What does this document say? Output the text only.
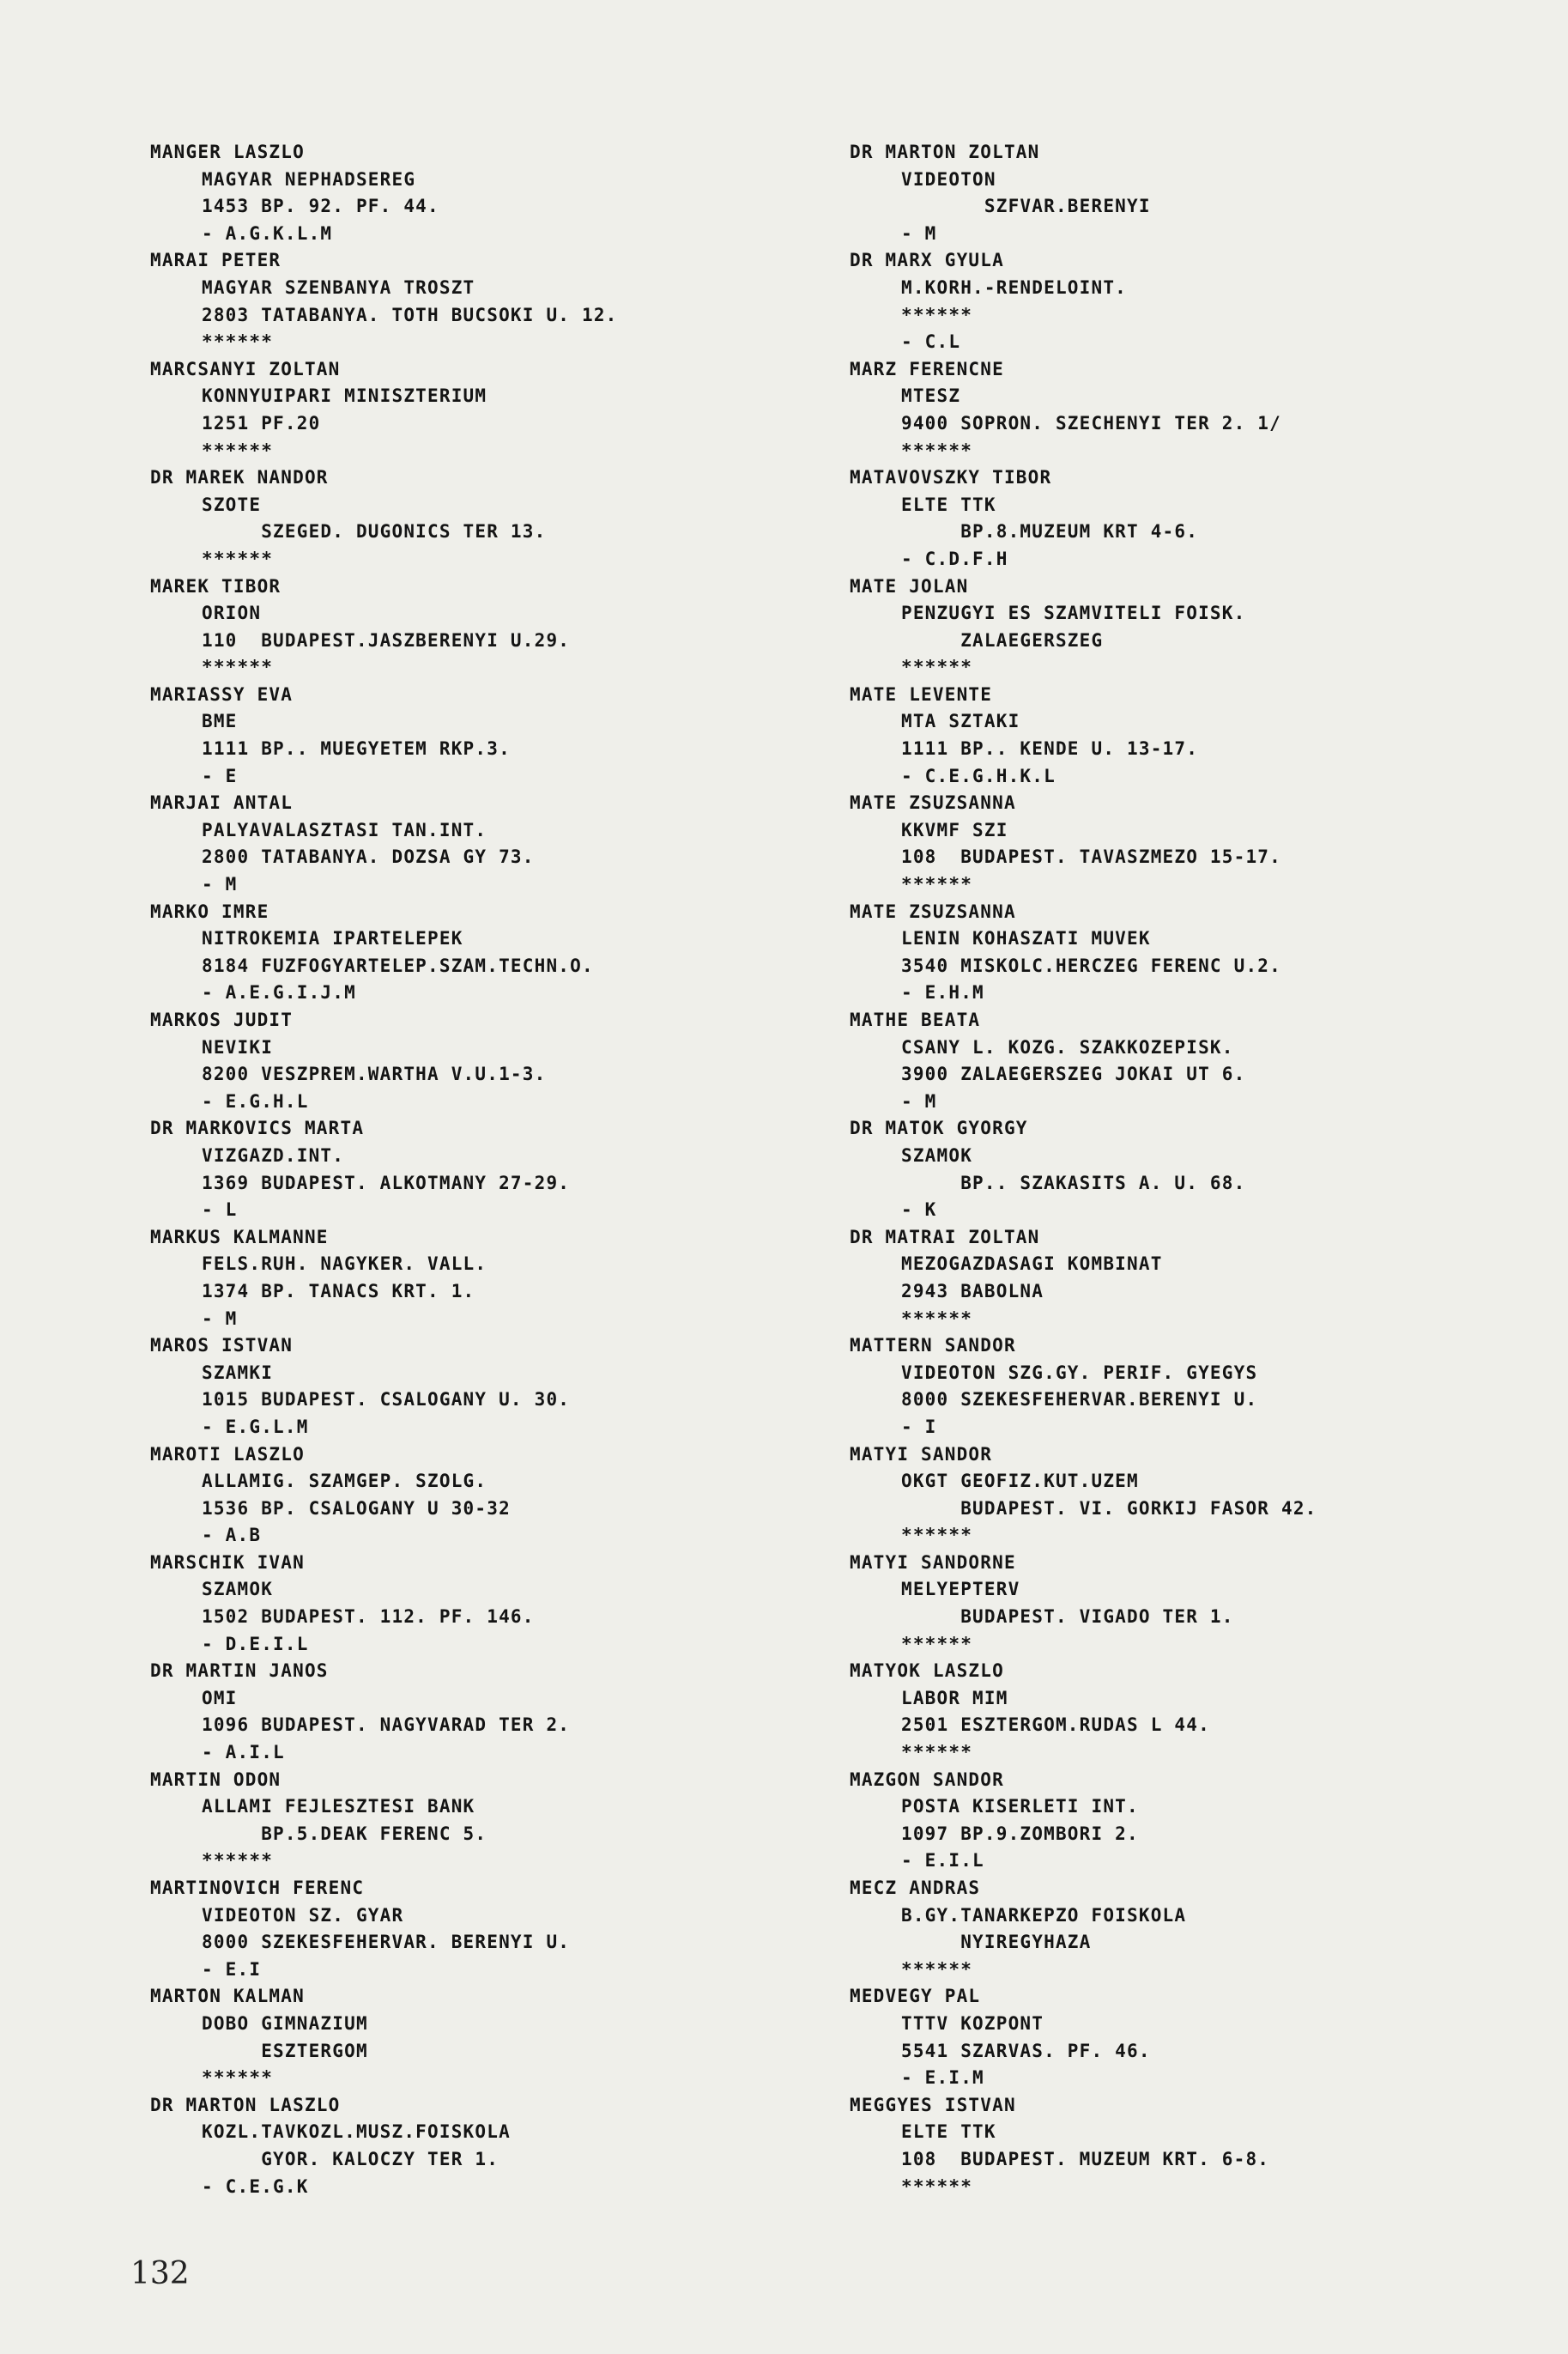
MANGER LASZLO
MAGYAR NEPHADSEREG
1453 BP. 92. PF. 44.
- A.G.K.L.M
MARAI PETER
MAGYAR SZENBANYA TROSZT
2803 TATABANYA. TOTH BUCSOKI U. 12.
******
MARCSANYI ZOLTAN
KONNYUIPARI MINISZTERIUM
1251 PF.20
******
DR MAREK NANDOR
SZOTE
SZEGED. DUGONICS TER 13.
******
MAREK TIBOR
ORION
110  BUDAPEST.JASZBERENYI U.29.
******
MARIASSY EVA
BME
1111 BP.. MUEGYETEM RKP.3.
- E
MARJAI ANTAL
PALYAVALASZTASI TAN.INT.
2800 TATABANYA. DOZSA GY 73.
- M
MARKO IMRE
NITROKEMIA IPARTELEPEK
8184 FUZFOGYARTELEP.SZAM.TECHN.O.
- A.E.G.I.J.M
MARKOS JUDIT
NEVIKI
8200 VESZPREM.WARTHA V.U.1-3.
- E.G.H.L
DR MARKOVICS MARTA
VIZGAZD.INT.
1369 BUDAPEST. ALKOTMANY 27-29.
- L
MARKUS KALMANNE
FELS.RUH. NAGYKER. VALL.
1374 BP. TANACS KRT. 1.
- M
MAROS ISTVAN
SZAMKI
1015 BUDAPEST. CSALOGANY U. 30.
- E.G.L.M
MAROTI LASZLO
ALLAMIG. SZAMGEP. SZOLG.
1536 BP. CSALOGANY U 30-32
- A.B
MARSCHIK IVAN
SZAMOK
1502 BUDAPEST. 112. PF. 146.
- D.E.I.L
DR MARTIN JANOS
OMI
1096 BUDAPEST. NAGYVARAD TER 2.
- A.I.L
MARTIN ODON
ALLAMI FEJLESZTESI BANK
BP.5.DEAK FERENC 5.
******
MARTINOVICH FERENC
VIDEOTON SZ. GYAR
8000 SZEKESFEHERVAR. BERENYI U.
- E.I
MARTON KALMAN
DOBO GIMNAZIUM
ESZTERGOM
******
DR MARTON LASZLO
KOZL.TAVKOZL.MUSZ.FOISKOLA
GYOR. KALOCZY TER 1.
- C.E.G.K
DR MARTON ZOLTAN
VIDEOTON
SZFVAR.BERENYI
- M
DR MARX GYULA
M.KORH.-RENDELOINT.
******
- C.L
MARZ FERENCNE
MTESZ
9400 SOPRON. SZECHENYI TER 2. 1/
******
MATAVOVSZKY TIBOR
ELTE TTK
BP.8.MUZEUM KRT 4-6.
- C.D.F.H
MATE JOLAN
PENZUGYI ES SZAMVITELI FOISK.
ZALAEGERSZEG
******
MATE LEVENTE
MTA SZTAKI
1111 BP.. KENDE U. 13-17.
- C.E.G.H.K.L
MATE ZSUZSANNA
KKVMF SZI
108  BUDAPEST. TAVASZMEZO 15-17.
******
MATE ZSUZSANNA
LENIN KOHASZATI MUVEK
3540 MISKOLC.HERCZEG FERENC U.2.
- E.H.M
MATHE BEATA
CSANY L. KOZG. SZAKKOZEPISK.
3900 ZALAEGERSZEG JOKAI UT 6.
- M
DR MATOK GYORGY
SZAMOK
BP.. SZAKASITS A. U. 68.
- K
DR MATRAI ZOLTAN
MEZOGAZDASAGI KOMBINAT
2943 BABOLNA
******
MATTERN SANDOR
VIDEOTON SZG.GY. PERIF. GYEGYS
8000 SZEKESFEHERVAR.BERENYI U.
- I
MATYI SANDOR
OKGT GEOFIZ.KUT.UZEM
BUDAPEST. VI. GORKIJ FASOR 42.
******
MATYI SANDORNE
MELYEPTERV
BUDAPEST. VIGADO TER 1.
******
MATYOK LASZLO
LABOR MIM
2501 ESZTERGOM.RUDAS L 44.
******
MAZGON SANDOR
POSTA KISERLETI INT.
1097 BP.9.ZOMBORI 2.
- E.I.L
MECZ ANDRAS
B.GY.TANARKEPZO FOISKOLA
NYIREGYHAZA
******
MEDVEGY PAL
TTTV KOZPONT
5541 SZARVAS. PF. 46.
- E.I.M
MEGGYES ISTVAN
ELTE TTK
108  BUDAPEST. MUZEUM KRT. 6-8.
******
132
